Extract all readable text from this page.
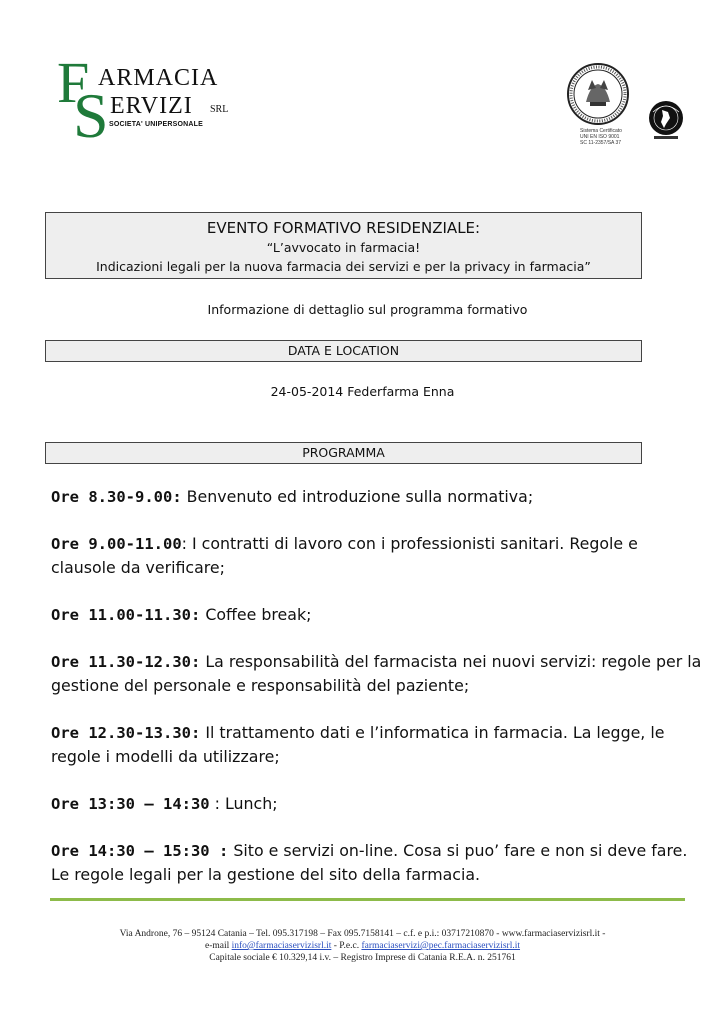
F
S
ARMACIA
ERVIZI SRL
SOCIETA' UNIPERSONALE
Sistema Certificato
UNI EN ISO 9001
SC 11-2357/SA 37
EVENTO FORMATIVO RESIDENZIALE:
“L’avvocato in farmacia!
Indicazioni legali per la nuova farmacia dei servizi e per la privacy in farmacia”
Informazione di dettaglio sul programma formativo
DATA E LOCATION
24-05-2014 Federfarma Enna
PROGRAMMA

Ore 8.30-9.00: Benvenuto ed introduzione sulla normativa;

Ore 9.00-11.00: I contratti di lavoro con i professionisti sanitari. Regole e clausole da verificare;

Ore 11.00-11.30: Coffee break;

Ore 11.30-12.30: La responsabilità del farmacista nei nuovi servizi: regole per la gestione del personale e responsabilità del paziente;

Ore 12.30-13.30: Il trattamento dati e l’informatica in farmacia. La legge, le regole i modelli da utilizzare;

Ore 13:30 – 14:30 : Lunch;

Ore 14:30 – 15:30 : Sito e servizi on-line. Cosa si puo’ fare e non si deve fare. Le regole legali per la gestione del sito della farmacia.

Via Androne, 76 – 95124 Catania – Tel. 095.317198 – Fax 095.7158141 – c.f. e p.i.: 03717210870 - www.farmaciaservizisrl.it -
e-mail info@farmaciaservizisrl.it - P.e.c. farmaciaservizi@pec.farmaciaservizisrl.it
Capitale sociale € 10.329,14 i.v. – Registro Imprese di Catania R.E.A. n. 251761
